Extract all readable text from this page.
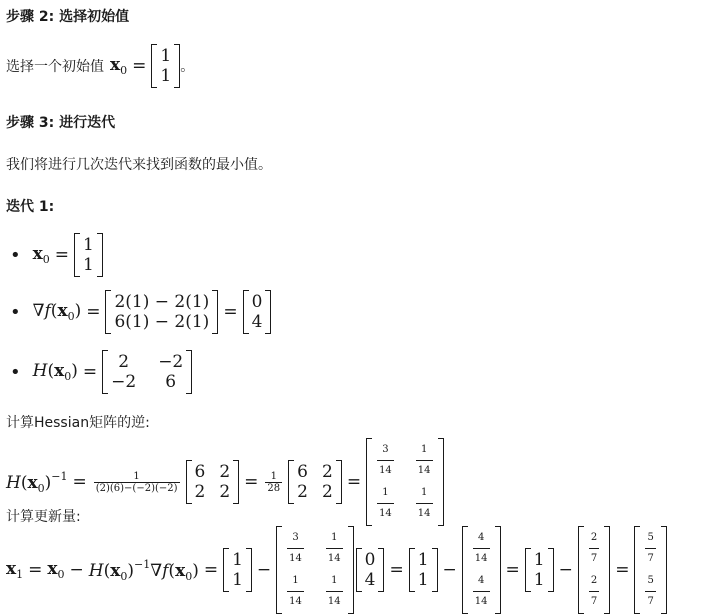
步骤 2: 选择初始值
选择一个初始值 $x_0 = 1$
1 。
步骤 3: 进行迭代
我们将进行几次迭代来找到函数的最小值。
迭代 1:
• $x_0 = 1$
1
• $\nabla f(x_0) = 2(1) - 2(1)$
6(1) − 2(1) = 0
4
• $H(x_0) = 2 -2$
−2 6
计算Hessian矩阵的逆:
$H(x_0)^{-1} = \frac{1}{(2)(6)-(-2)(-2)} 6$ 2
2 $2 = \frac{1}{28} 6$ 2
2 2 =
$\frac{3}{14} \frac{1}{14}$
$\frac{1}{14} \frac{1}{14}$
计算更新量:
$x_1 = x_0 - H(x_0)^{-1}\nabla f(x_0) = 1$
1 −
$\frac{3}{14} \frac{1}{14}$
$\frac{1}{14} \frac{1}{14}$
0
4 = 1
1 −
$\frac{4}{14}$
$\frac{4}{14}$
= 1
1 −
$\frac{2}{7}$
$\frac{2}{7}$
=
$\frac{5}{7}$
$\frac{5}{7}$
